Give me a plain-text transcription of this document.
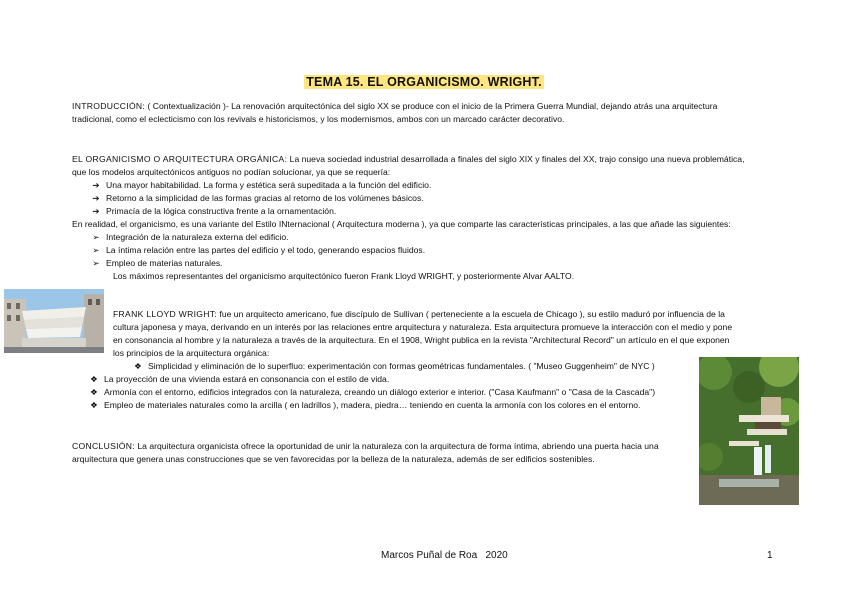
TEMA 15. EL ORGANICISMO. WRIGHT.
INTRODUCCIÓN: ( Contextualización )- La renovación arquitectónica del siglo XX se produce con el inicio de la Primera Guerra Mundial, dejando atrás una arquitectura
tradicional, como el eclecticismo con los revivals e historicismos, y los modernismos, ambos con un marcado carácter decorativo.
EL ORGANICISMO O ARQUITECTURA ORGÁNICA: La nueva sociedad industrial desarrollada a finales del siglo XIX y finales del XX, trajo consigo una nueva problemática,
que los modelos arquitectónicos antiguos no podían solucionar, ya que se requería:
➔ Una mayor habitabilidad. La forma y estética será supeditada a la función del edificio.
➔ Retorno a la simplicidad de las formas gracias al retorno de los volúmenes básicos.
➔ Primacía de la lógica constructiva frente a la ornamentación.
En realidad, el organicismo, es una variante del Estilo INternacional ( Arquitectura moderna ), ya que comparte las características principales, a las que añade las siguientes:
➢ Integración de la naturaleza externa del edificio.
➢ La íntima relación entre las partes del edificio y el todo, generando espacios fluidos.
➢ Empleo de materias naturales.
Los máximos representantes del organicismo arquitectónico fueron Frank Lloyd WRIGHT, y posteriormente Alvar AALTO.
FRANK LLOYD WRIGHT: fue un arquitecto americano, fue discípulo de Sullivan ( perteneciente a la escuela de Chicago ), su estilo maduró por influencia de la
cultura japonesa y maya, derivando en un interés por las relaciones entre arquitectura y naturaleza. Esta arquitectura promueve la interacción con el medio y pone
en consonancia al hombre y la naturaleza a través de la arquitectura. En el 1908, Wright publica en la revista "Architectural Record" un artículo en el que exponen
los principios de la arquitectura orgánica:
❖ Simplicidad y eliminación de lo superfluo: experimentación con formas geométricas fundamentales. ( "Museo Guggenheim" de NYC )
❖ La proyección de una vivienda estará en consonancia con el estilo de vida.
❖ Armonía con el entorno, edificios integrados con la naturaleza, creando un diálogo exterior e interior. ("Casa Kaufmann" o "Casa de la Cascada")
❖ Empleo de materiales naturales como la arcilla ( en ladrillos ), madera, piedra… teniendo en cuenta la armonía con los colores en el entorno.
CONCLUSIÓN: La arquitectura organicista ofrece la oportunidad de unir la naturaleza con la arquitectura de forma íntima, abriendo una puerta hacia una
arquitectura que genera unas construcciones que se ven favorecidas por la belleza de la naturaleza, además de ser edificios sostenibles.
Marcos Puñal de Roa   2020	1
